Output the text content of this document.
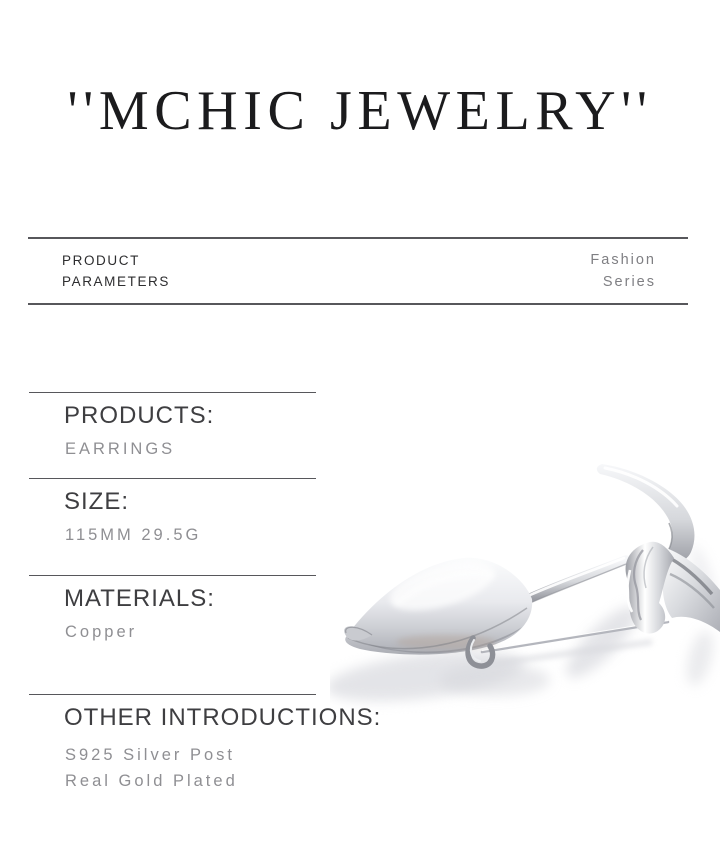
''MCHIC JEWELRY''
PRODUCT
PARAMETERS
Fashion
Series
PRODUCTS:
EARRINGS
SIZE:
115MM 29.5G
MATERIALS:
Copper
OTHER INTRODUCTIONS:
S925 Silver Post
Real Gold Plated
